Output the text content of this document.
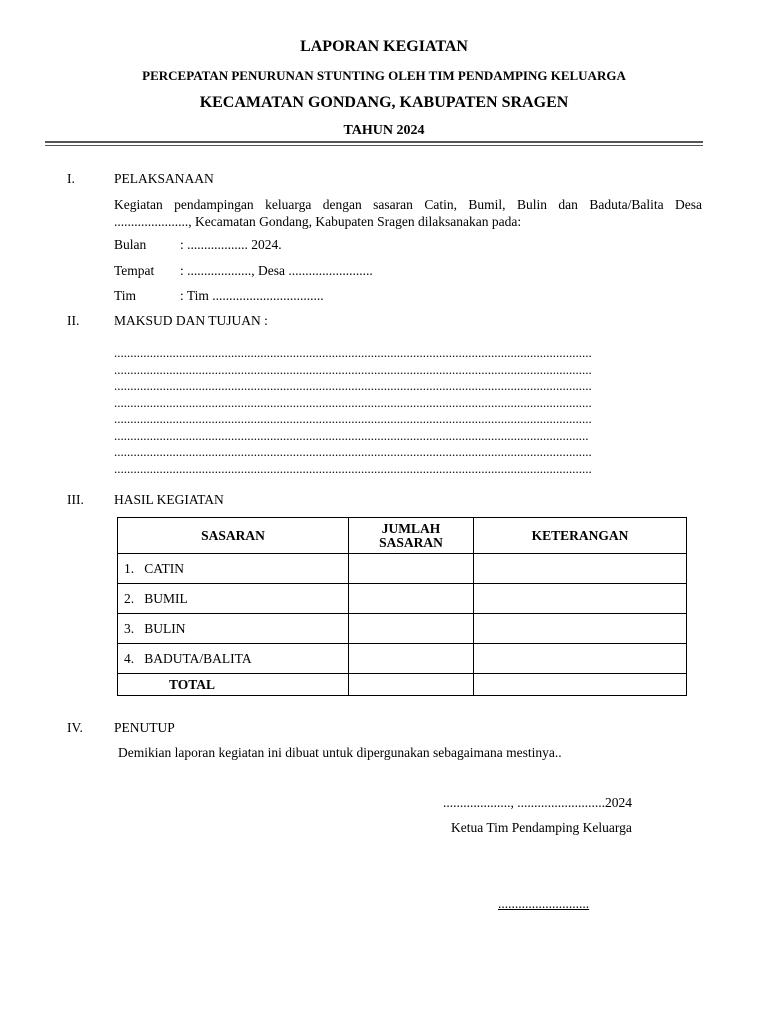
LAPORAN KEGIATAN
PERCEPATAN PENURUNAN STUNTING OLEH TIM PENDAMPING KELUARGA
KECAMATAN GONDANG, KABUPATEN SRAGEN
TAHUN 2024
I.	PELAKSANAAN
Kegiatan pendampingan keluarga dengan sasaran Catin, Bumil, Bulin dan Baduta/Balita Desa ......................, Kecamatan Gondang, Kabupaten Sragen dilaksanakan pada:
Bulan	: .................. 2024.
Tempat : ..................., Desa .........................
Tim	: Tim .................................
II.	MAKSUD DAN TUJUAN :
...................................................................................................................................................
...................................................................................................................................................
...................................................................................................................................................
...................................................................................................................................................
...................................................................................................................................................
..................................................................................................................................................
...................................................................................................................................................
...................................................................................................................................................
III. HASIL KEGIATAN
SASARAN	JUMLAH SASARAN	KETERANGAN
1. CATIN		
2. BUMIL		
3. BULIN		
4. BADUTA/BALITA		
TOTAL		
IV. PENUTUP
Demikian laporan kegiatan ini dibuat untuk dipergunakan sebagaimana mestinya..
...................., ..........................2024
Ketua Tim Pendamping Keluarga
...........................
